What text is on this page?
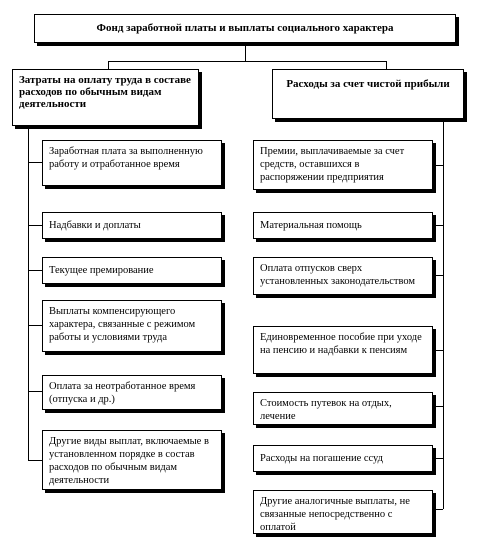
Фонд заработной платы и выплаты социального характера
Затраты на оплату труда в составе расходов по обычным видам деятельности
Расходы за счет чистой прибыли
Заработная плата за выполненную работу и отработанное время
Надбавки и доплаты
Текущее премирование
Выплаты компенсирующего характера, связанные с режимом работы и условиями труда
Оплата за неотработанное время (отпуска и др.)
Другие виды выплат, включаемые в установленном порядке в состав расходов по обычным видам деятельности
Премии, выплачиваемые за счет средств, оставшихся в распоряжении предприятия
Материальная помощь
Оплата отпусков сверх установленных законодательством
Единовременное пособие при уходе на пенсию и надбавки к пенсиям
Стоимость путевок на отдых, лечение
Расходы на погашение ссуд
Другие аналогичные выплаты, не связанные непосредственно с оплатой
